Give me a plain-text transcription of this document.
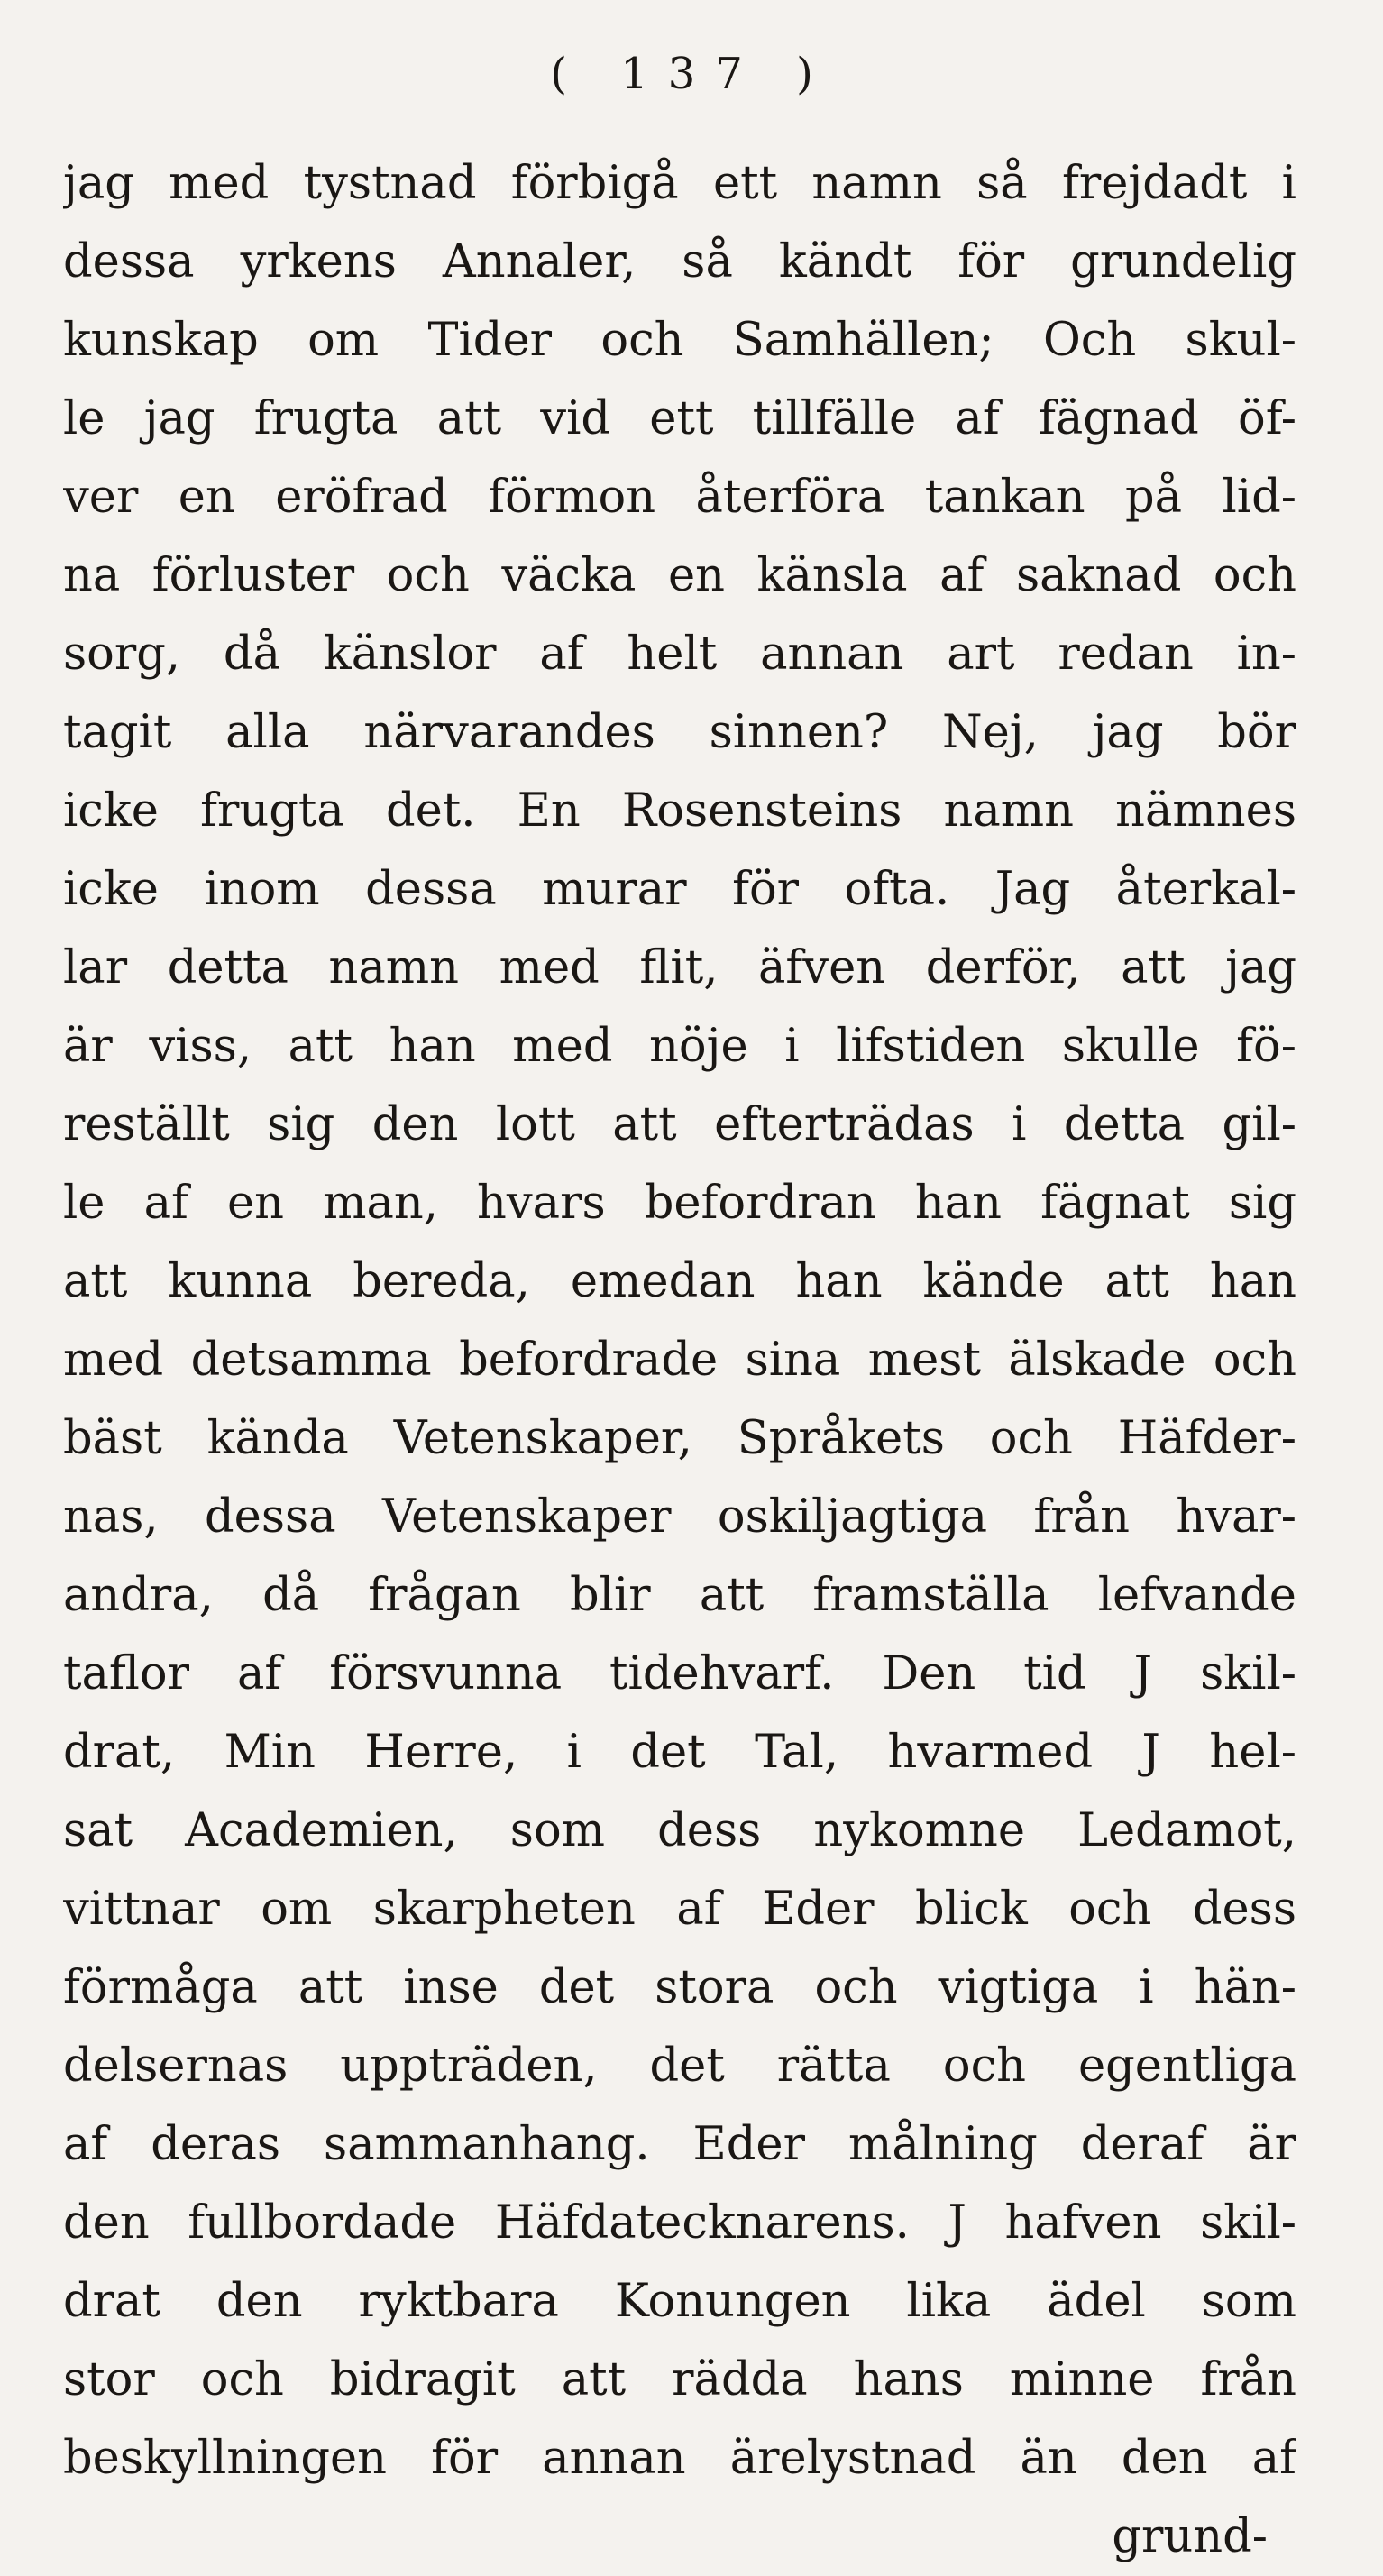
( 137 )
jag med tystnad förbigå ett namn så frejdadt i
dessa yrkens Annaler, så kändt för grundelig
kunskap om Tider och Samhällen; Och skul-
le jag frugta att vid ett tillfälle af fägnad öf-
ver en eröfrad förmon återföra tankan på lid-
na förluster och väcka en känsla af saknad och
sorg, då känslor af helt annan art redan in-
tagit alla närvarandes sinnen? Nej, jag bör
icke frugta det. En Rosensteins namn nämnes
icke inom dessa murar för ofta. Jag återkal-
lar detta namn med flit, äfven derför, att jag
är viss, att han med nöje i lifstiden skulle fö-
reställt sig den lott att efterträdas i detta gil-
le af en man, hvars befordran han fägnat sig
att kunna bereda, emedan han kände att han
med detsamma befordrade sina mest älskade och
bäst kända Vetenskaper, Språkets och Häfder-
nas, dessa Vetenskaper oskiljagtiga från hvar-
andra, då frågan blir att framställa lefvande
taflor af försvunna tidehvarf. Den tid J skil-
drat, Min Herre, i det Tal, hvarmed J hel-
sat Academien, som dess nykomne Ledamot,
vittnar om skarpheten af Eder blick och dess
förmåga att inse det stora och vigtiga i hän-
delsernas uppträden, det rätta och egentliga
af deras sammanhang. Eder målning deraf är
den fullbordade Häfdatecknarens. J hafven skil-
drat den ryktbara Konungen lika ädel som
stor och bidragit att rädda hans minne från
beskyllningen för annan ärelystnad än den af
grund-
